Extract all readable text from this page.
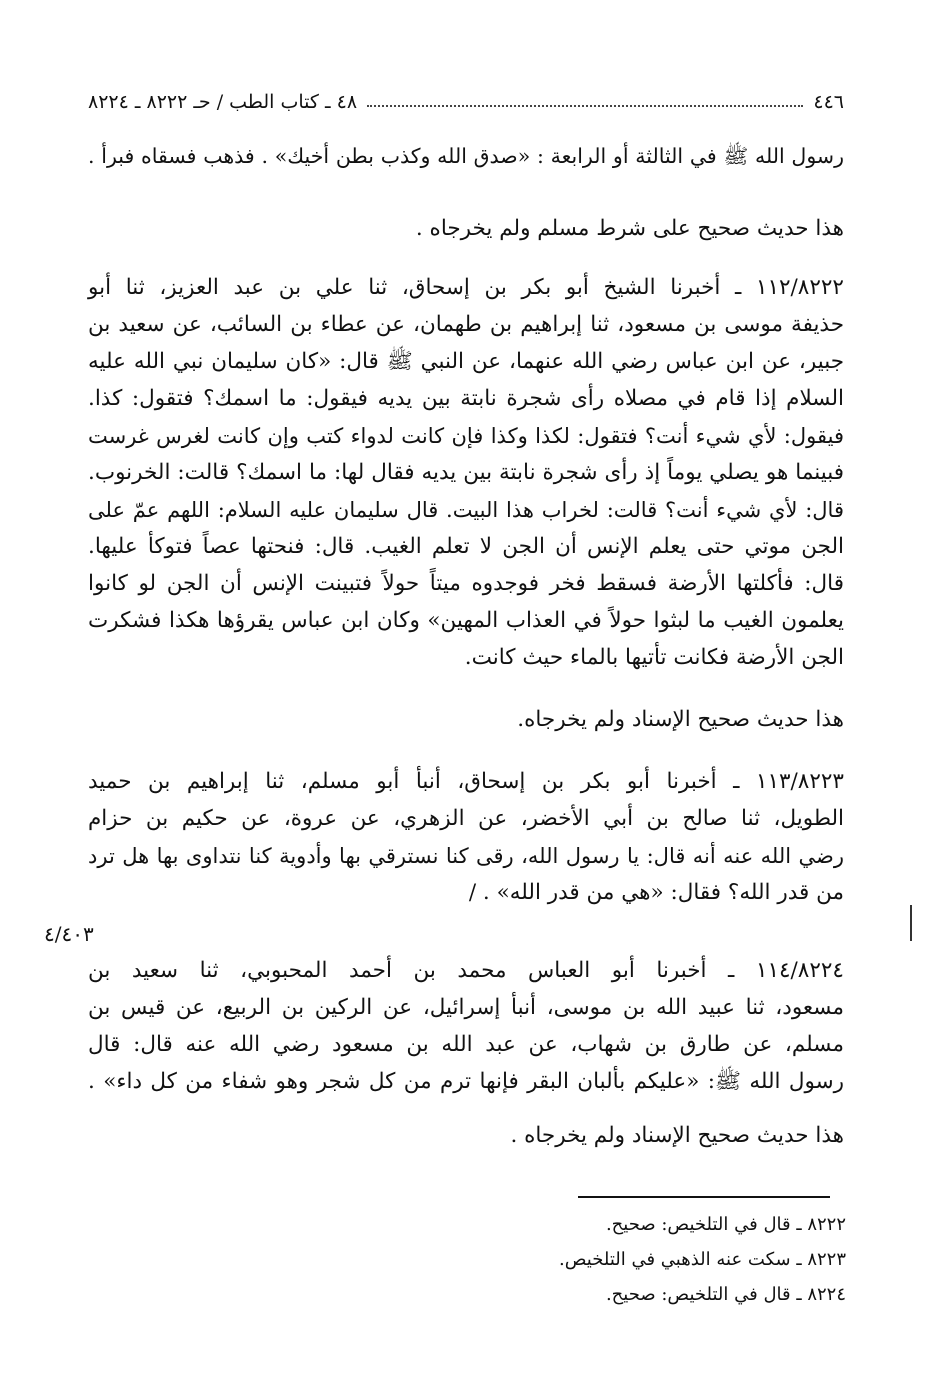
٤٤٦
٤٨ ـ كتاب الطب / حـ ٨٢٢٢ ـ ٨٢٢٤
رسول الله ﷺ في الثالثة أو الرابعة : «صدق الله وكذب بطن أخيك» . فذهب فسقاه فبرأ .
هذا حديث صحيح على شرط مسلم ولم يخرجاه .
١١٢/٨٢٢٢ ـ أخبرنا الشيخ أبو بكر بن إسحاق، ثنا علي بن عبد العزيز، ثنا أبو
حذيفة موسى بن مسعود، ثنا إبراهيم بن طهمان، عن عطاء بن السائب، عن سعيد بن
جبير، عن ابن عباس رضي الله عنهما، عن النبي ﷺ قال: «كان سليمان نبي الله عليه
السلام إذا قام في مصلاه رأى شجرة نابتة بين يديه فيقول: ما اسمك؟ فتقول: كذا.
فيقول: لأي شيء أنت؟ فتقول: لكذا وكذا فإن كانت لدواء كتب وإن كانت لغرس غرست
فبينما هو يصلي يوماً إذ رأى شجرة نابتة بين يديه فقال لها: ما اسمك؟ قالت: الخرنوب.
قال: لأي شيء أنت؟ قالت: لخراب هذا البيت. قال سليمان عليه السلام: اللهم عمّ على
الجن موتي حتى يعلم الإنس أن الجن لا تعلم الغيب. قال: فنحتها عصاً فتوكأ عليها.
قال: فأكلتها الأرضة فسقط فخر فوجدوه ميتاً حولاً فتبينت الإنس أن الجن لو كانوا
يعلمون الغيب ما لبثوا حولاً في العذاب المهين» وكان ابن عباس يقرؤها هكذا فشكرت
الجن الأرضة فكانت تأتيها بالماء حيث كانت.
هذا حديث صحيح الإسناد ولم يخرجاه.
١١٣/٨٢٢٣ ـ أخبرنا أبو بكر بن إسحاق، أنبأ أبو مسلم، ثنا إبراهيم بن حميد
الطويل، ثنا صالح بن أبي الأخضر، عن الزهري، عن عروة، عن حكيم بن حزام
رضي الله عنه أنه قال: يا رسول الله، رقى كنا نسترقي بها وأدوية كنا نتداوى بها هل ترد
من قدر الله؟ فقال: «هي من قدر الله» . /
٤/٤٠٣
١١٤/٨٢٢٤ ـ أخبرنا أبو العباس محمد بن أحمد المحبوبي، ثنا سعيد بن
مسعود، ثنا عبيد الله بن موسى، أنبأ إسرائيل، عن الركين بن الربيع، عن قيس بن
مسلم، عن طارق بن شهاب، عن عبد الله بن مسعود رضي الله عنه قال: قال
رسول الله ﷺ: «عليكم بألبان البقر فإنها ترم من كل شجر وهو شفاء من كل داء» .
هذا حديث صحيح الإسناد ولم يخرجاه .
٨٢٢٢ ـ قال في التلخيص: صحيح.
٨٢٢٣ ـ سكت عنه الذهبي في التلخيص.
٨٢٢٤ ـ قال في التلخيص: صحيح.
